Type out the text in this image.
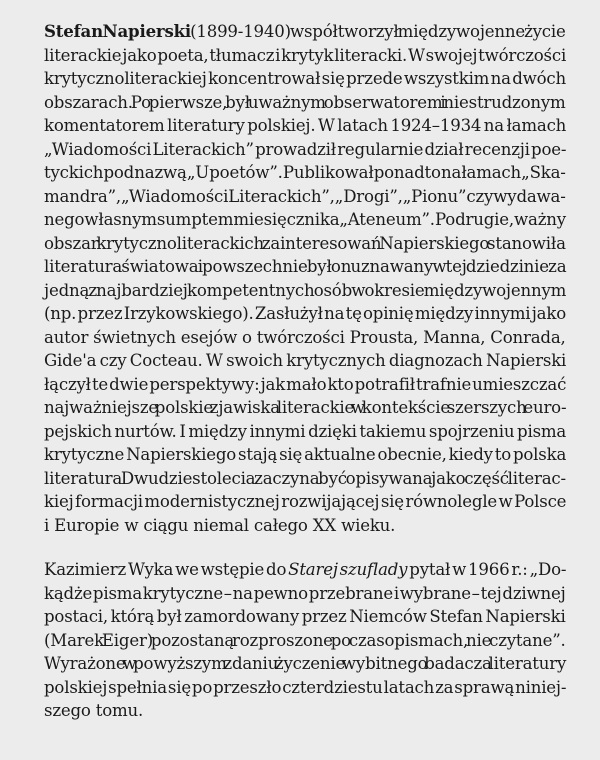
Stefan Napierski (1899-1940) współtworzył międzywojenne życie
literackie jako poeta, tłumacz i krytyk literacki. W swojej twórczości
krytycznoliterackiej koncentrował się przede wszystkim na dwóch
obszarach. Po pierwsze, był uważnym obserwatorem i niestrudzonym
komentatorem literatury polskiej. W latach 1924–1934 na łamach
„Wiadomości Literackich” prowadził regularnie dział recenzji poe-
tyckich pod nazwą „U poetów”. Publikował ponadto na łamach „Ska-
mandra”, „Wiadomości Literackich”, „Drogi”, „Pionu” czy wydawa-
nego własnym sumptem miesięcznika„Ateneum”. Po drugie, ważny
obszar krytycznoliterackich zainteresowań Napierskiego stanowiła
literatura światowa i powszechnie był on uznawany w tej dziedzinie za
jedną z najbardziej kompetentnych osób w okresie międzywojennym
(np. przez Irzykowskiego). Zasłużył na tę opinię między innymi jako
autor świetnych esejów o twórczości Prousta, Manna, Conrada,
Gide'a czy Cocteau. W swoich krytycznych diagnozach Napierski
łączył te dwie perspektywy: jak mało kto potrafił trafnie umieszczać
najważniejsze polskie zjawiska literackie w kontekście szerszych euro-
pejskich nurtów. I między innymi dzięki takiemu spojrzeniu pisma
krytyczne Napierskiego stają się aktualne obecnie, kiedy to polska
literatura Dwudziestolecia zaczyna być opisywana jako część literac-
kiej formacji modernistycznej rozwijającej się równolegle w Polsce
i Europie w ciągu niemal całego XX wieku.
Kazimierz Wyka we wstępie do Starej szuflady pytał w 1966 r.: „Do-
kądże pisma krytyczne – na pewno przebrane i wybrane – tej dziwnej
postaci, którą był zamordowany przez Niemców Stefan Napierski
(Marek Eiger) pozostaną rozproszone po czasopismach, nie czytane”.
Wyrażone w powyższym zdaniu życzenie wybitnego badacza literatury
polskiej spełnia się po przeszło czterdziestu latach za sprawą niniej-
szego tomu.
